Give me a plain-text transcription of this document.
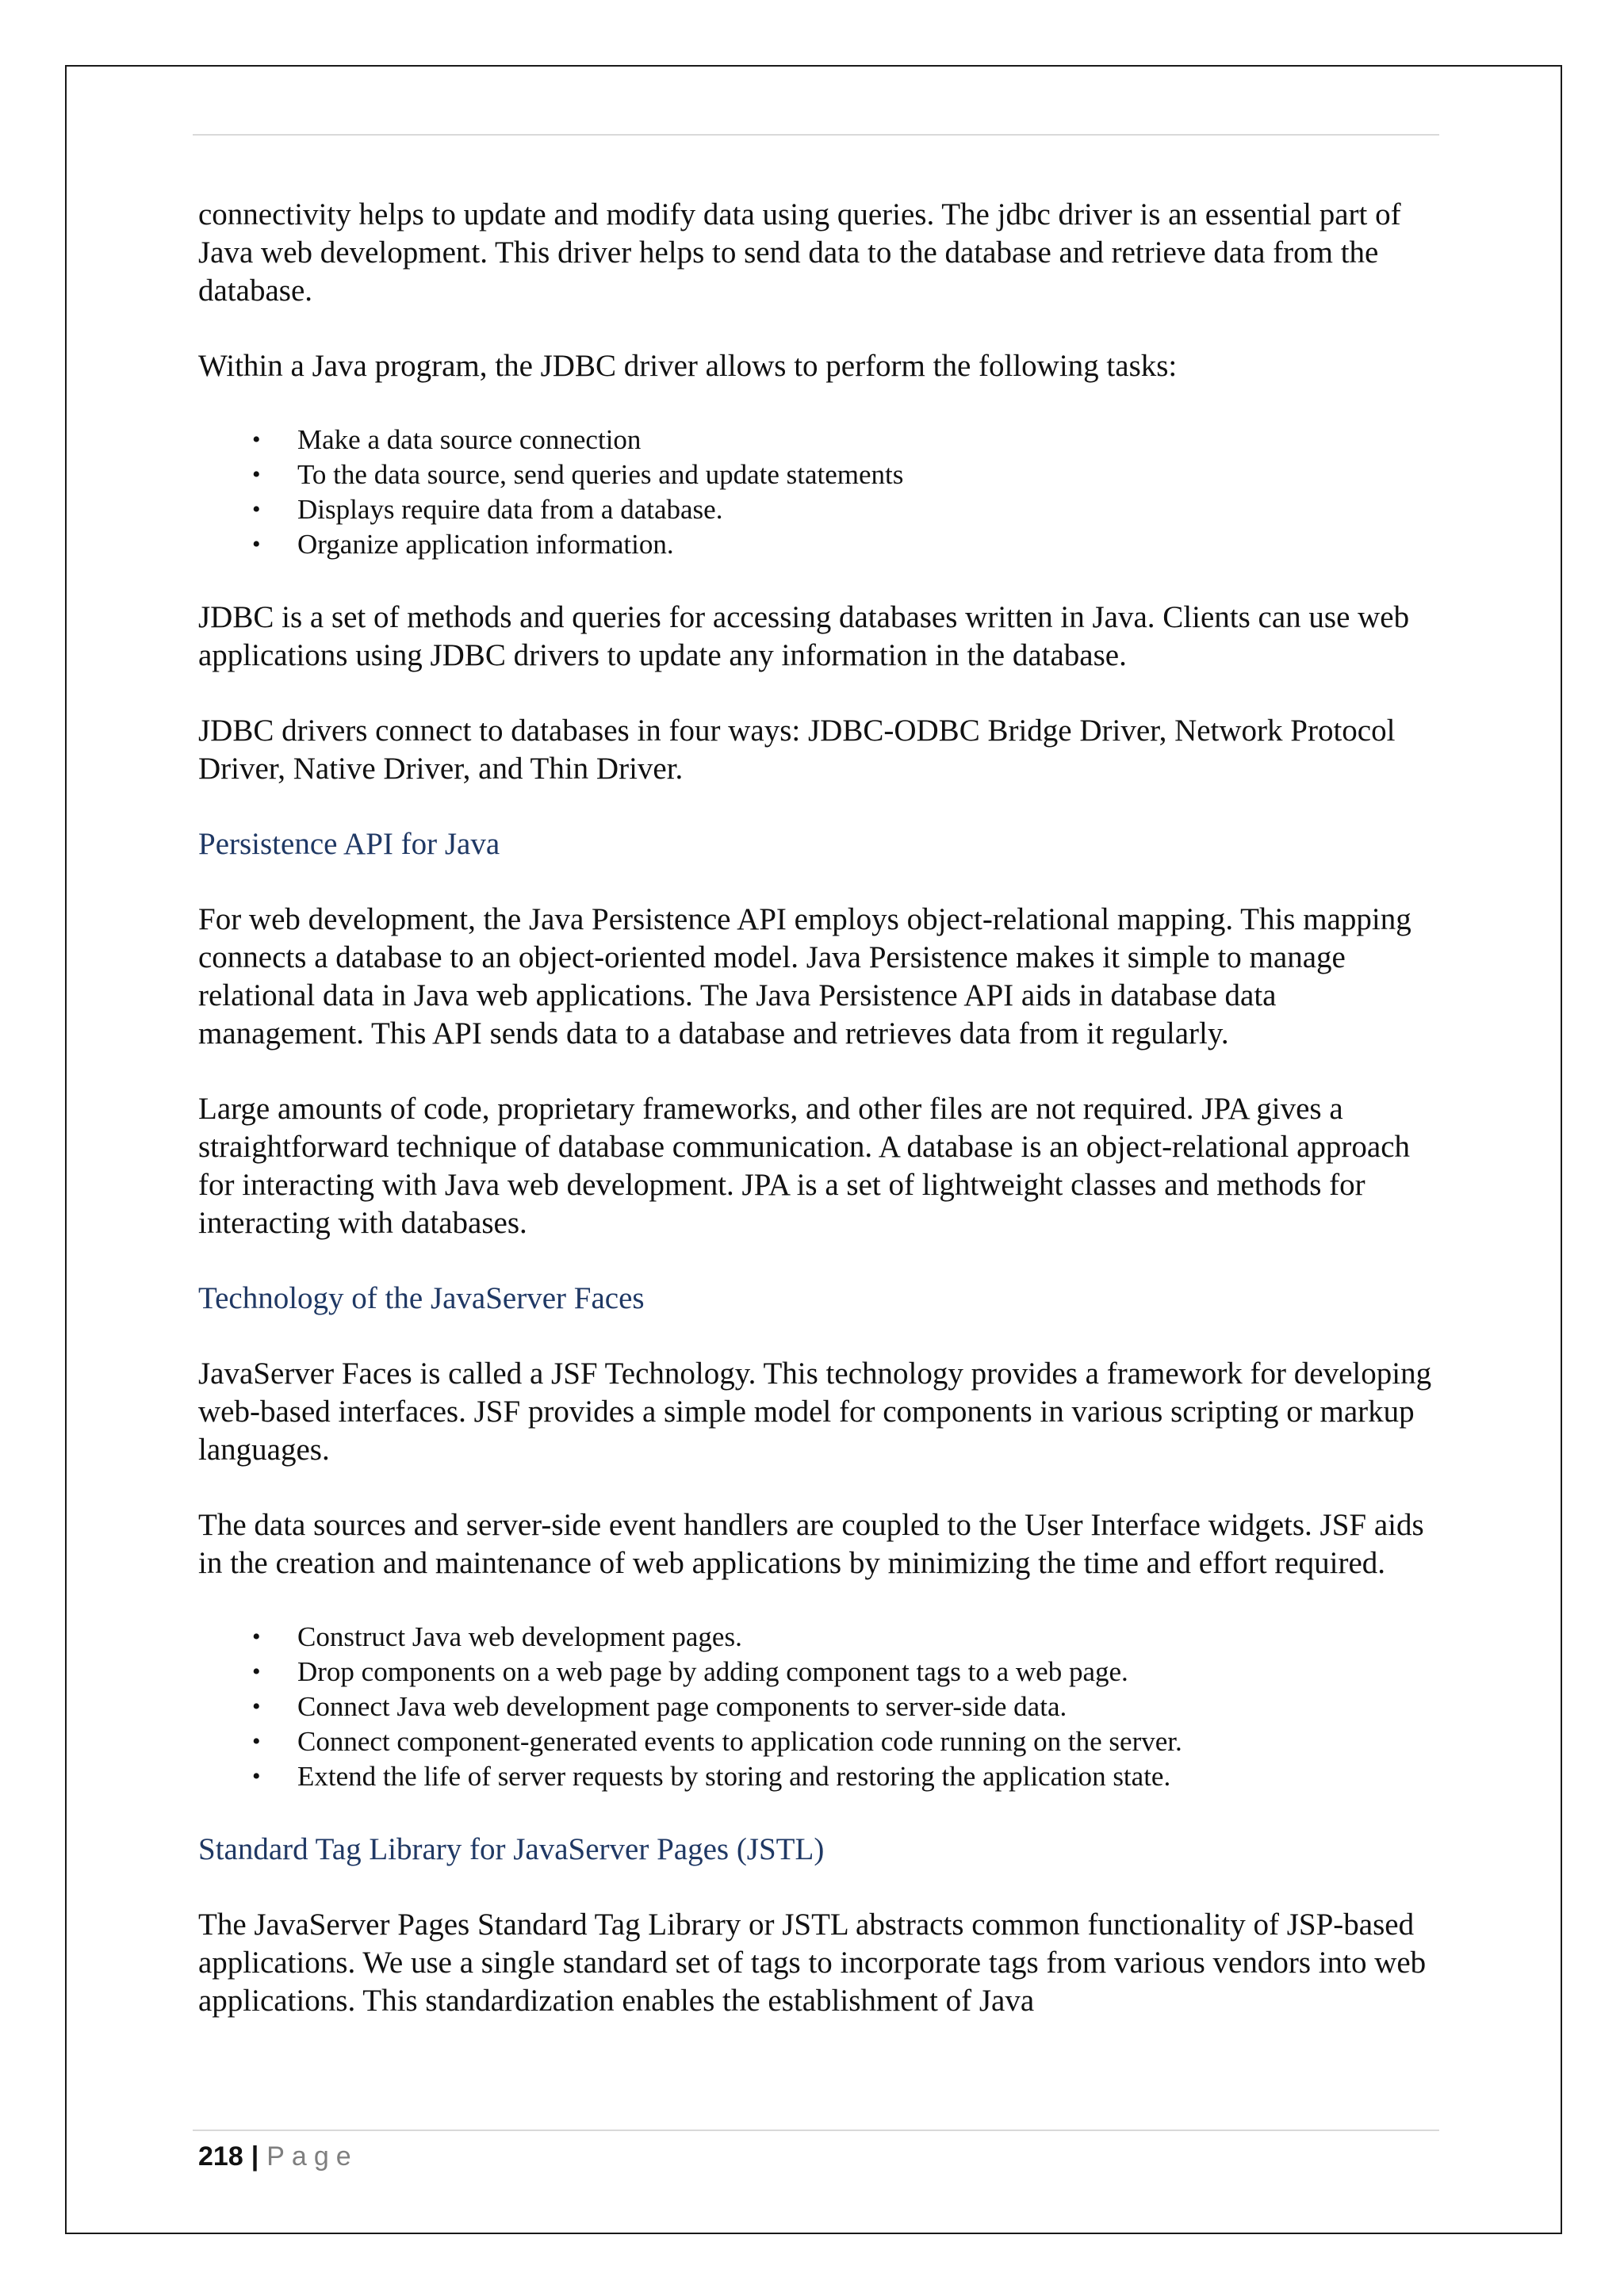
connectivity helps to update and modify data using queries. The jdbc driver is an essential part of Java web development. This driver helps to send data to the database and retrieve data from the database.

Within a Java program, the JDBC driver allows to perform the following tasks:

• Make a data source connection
• To the data source, send queries and update statements
• Displays require data from a database.
• Organize application information.

JDBC is a set of methods and queries for accessing databases written in Java. Clients can use web applications using JDBC drivers to update any information in the database.

JDBC drivers connect to databases in four ways: JDBC-ODBC Bridge Driver, Network Protocol Driver, Native Driver, and Thin Driver.

Persistence API for Java

For web development, the Java Persistence API employs object-relational mapping. This mapping connects a database to an object-oriented model. Java Persistence makes it simple to manage relational data in Java web applications. The Java Persistence API aids in database data management. This API sends data to a database and retrieves data from it regularly.

Large amounts of code, proprietary frameworks, and other files are not required. JPA gives a straightforward technique of database communication. A database is an object-relational approach for interacting with Java web development. JPA is a set of lightweight classes and methods for interacting with databases.

Technology of the JavaServer Faces

JavaServer Faces is called a JSF Technology. This technology provides a framework for developing web-based interfaces. JSF provides a simple model for components in various scripting or markup languages.

The data sources and server-side event handlers are coupled to the User Interface widgets. JSF aids in the creation and maintenance of web applications by minimizing the time and effort required.

• Construct Java web development pages.
• Drop components on a web page by adding component tags to a web page.
• Connect Java web development page components to server-side data.
• Connect component-generated events to application code running on the server.
• Extend the life of server requests by storing and restoring the application state.
Standard Tag Library for JavaServer Pages (JSTL)

The JavaServer Pages Standard Tag Library or JSTL abstracts common functionality of JSP-based applications. We use a single standard set of tags to incorporate tags from various vendors into web applications. This standardization enables the establishment of Java

218 | Page
